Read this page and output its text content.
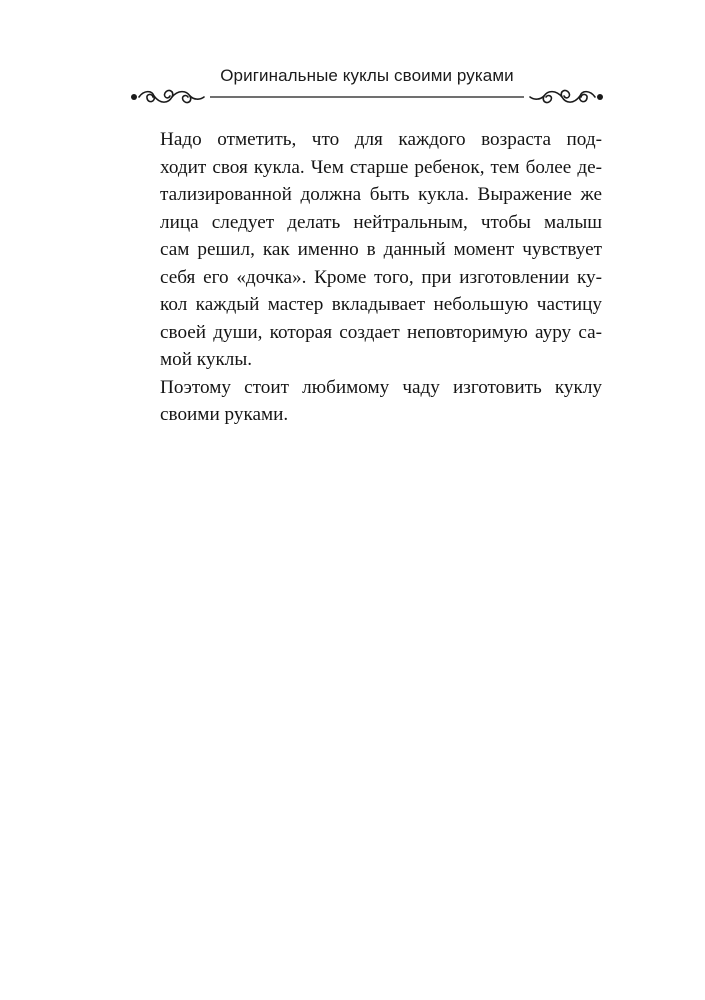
Оригинальные куклы своими руками

Надо отметить, что для каждого возраста под-
ходит своя кукла. Чем старше ребенок, тем более де-
тализированной должна быть кукла. Выражение же
лица следует делать нейтральным, чтобы малыш
сам решил, как именно в данный момент чувствует
себя его «дочка». Кроме того, при изготовлении ку-
кол каждый мастер вкладывает небольшую частицу
своей души, которая создает неповторимую ауру са-
мой куклы.

Поэтому стоит любимому чаду изготовить куклу
своими руками.
